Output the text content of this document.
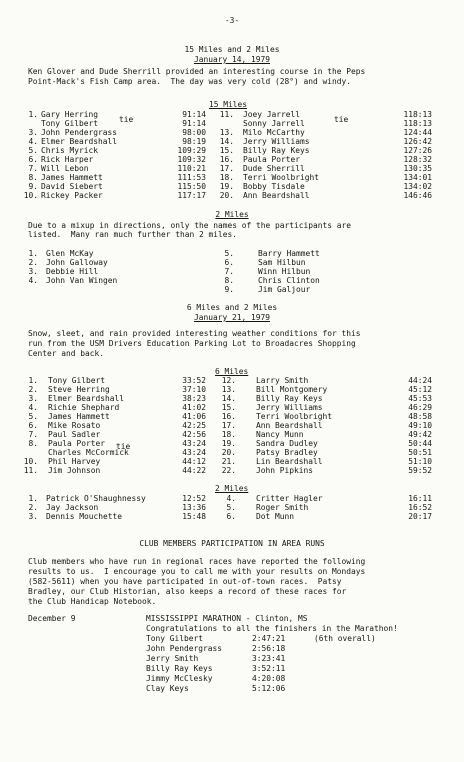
-3-
15 Miles and 2 Miles
January 14, 1979
Ken Glover and Dude Sherrill provided an interesting course in the Peps
Point-Mack's Fish Camp area.  The day was very cold (28°) and windy.
15 Miles
1. Gary Herring	91:14
Tony Gilbert	91:14
tie
3. John Pendergrass	98:00
4. Elmer Beardshall	98:19
5. Chris Myrick	109:29
6. Rick Harper	109:32
7. Will Lebon	110:21
8. James Hammett	111:53
9. David Siebert	115:50
10. Rickey Packer	117:17
11. Joey Jarrell	118:13
Sonny Jarrell	118:13
tie
13. Milo McCarthy	124:44
14. Jerry Williams	126:42
15. Billy Ray Keys	127:26
16. Paula Porter	128:32
17. Dude Sherrill	130:35
18. Terri Woolbright	134:01
19. Bobby Tisdale	134:02
20. Ann Beardshall	146:46
2 Miles
Due to a mixup in directions, only the names of the participants are
listed.  Many ran much further than 2 miles.
1. Glen McKay
2. John Galloway
3. Debbie Hill
4. John Van Wingen
5.	Barry Hammett
6.	Sam Hilbun
7.	Winn Hilbun
8.	Chris Clinton
9.	Jim Galjour
6 Miles and 2 Miles
January 21, 1979
Snow, sleet, and rain provided interesting weather conditions for this
run from the USM Drivers Education Parking Lot to Broadacres Shopping
Center and back.
6 Miles
1. Tony Gilbert	33:52
2. Steve Herring	37:10
3. Elmer Beardshall	38:23
4. Richie Shephard	41:02
5. James Hammett	41:06
6. Mike Rosato	42:25
7. Paul Sadler	42:56
8. Paula Porter	43:24
Charles McCormick	43:24
tie
10. Phil Harvey	44:12
11. Jim Johnson	44:22
12.	Larry Smith	44:24
13.	Bill Montgomery	45:12
14.	Billy Ray Keys	45:53
15.	Jerry Williams	46:29
16.	Terri Woolbright	48:58
17.	Ann Beardshall	49:10
18.	Nancy Munn	49:42
19.	Sandra Dudley	50:44
20.	Patsy Bradley	50:51
21.	Lin Beardshall	51:10
22.	John Pipkins	59:52
2 Miles
1. Patrick O'Shaughnessy	12:52
2. Jay Jackson	13:36
3. Dennis Mouchette	15:48
4.	Critter Hagler	16:11
5.	Roger Smith	16:52
6.	Dot Munn	20:17
CLUB MEMBERS PARTICIPATION IN AREA RUNS
Club members who have run in regional races have reported the following
results to us.  I encourage you to call me with your results on Mondays
(582-5611) when you have participated in out-of-town races.  Patsy
Bradley, our Club Historian, also keeps a record of these races for
the Club Handicap Notebook.
December 9	MISSISSIPPI MARATHON - Clinton, MS
Congratulations to all the finishers in the Marathon!
Tony Gilbert	2:47:21	(6th overall)
John Pendergrass	2:56:18
Jerry Smith	3:23:41
Billy Ray Keys	3:52:11
Jimmy McClesky	4:20:08
Clay Keys	5:12:06
